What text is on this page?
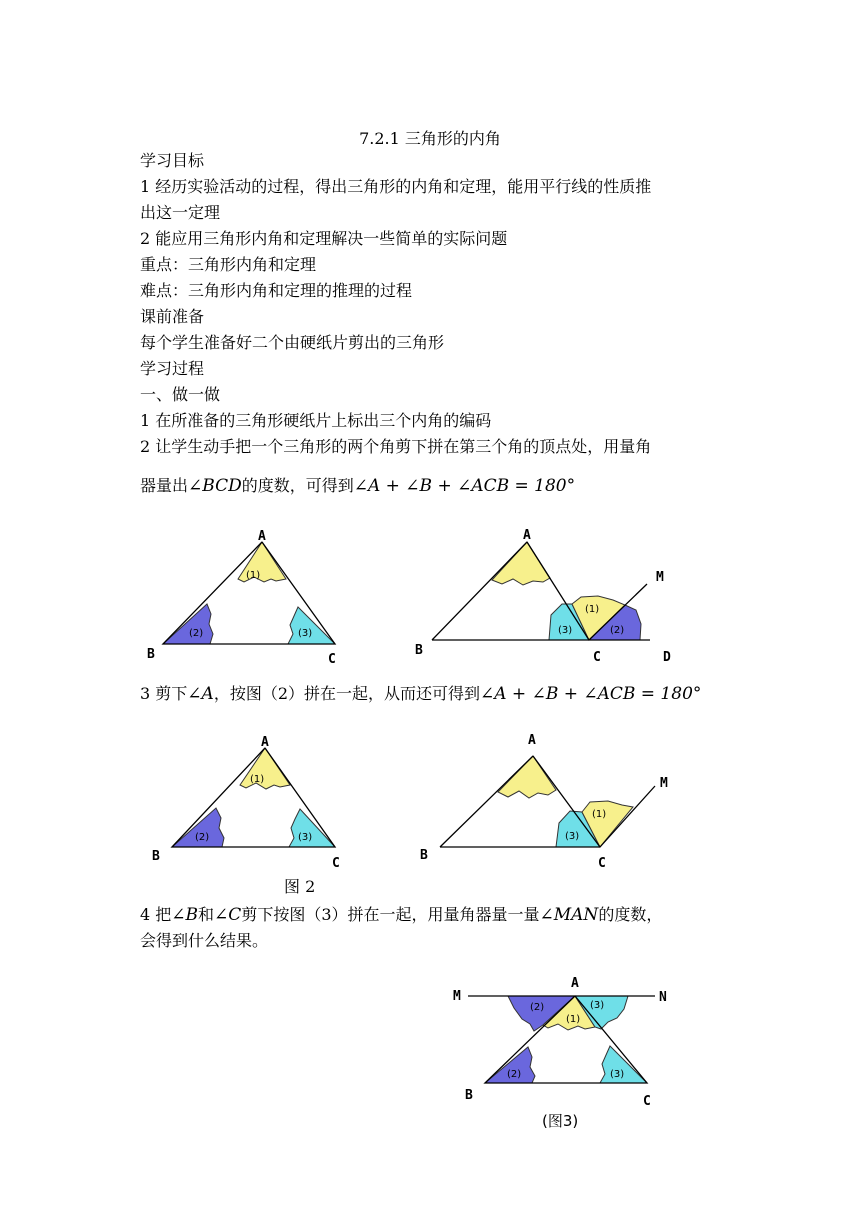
7.2.1 三角形的内角
学习目标
1 经历实验活动的过程，得出三角形的内角和定理，能用平行线的性质推
出这一定理
2 能应用三角形内角和定理解决一些简单的实际问题
重点：三角形内角和定理
难点：三角形内角和定理的推理的过程
课前准备
每个学生准备好二个由硬纸片剪出的三角形
学习过程
一、做一做
1 在所准备的三角形硬纸片上标出三个内角的编码
2 让学生动手把一个三角形的两个角剪下拼在第三个角的顶点处，用量角
器量出∠BCD的度数，可得到∠A + ∠B + ∠ACB = 180°
A
B	C
(1)
(2)	(3)
A
B	C	D
M
(1)
(2)
(3)
3 剪下∠A，按图（2）拼在一起，从而还可得到∠A + ∠B + ∠ACB = 180°
A
B	C
(1)
(2)	(3)
A
B
C
M
(1)
(3)
图 2
4 把∠B和∠C剪下按图（3）拼在一起，用量角器量一量∠MAN的度数，
会得到什么结果。
A
M	N
B	C
(2)
(1)
(3)
(2)	(3)
(图3)
